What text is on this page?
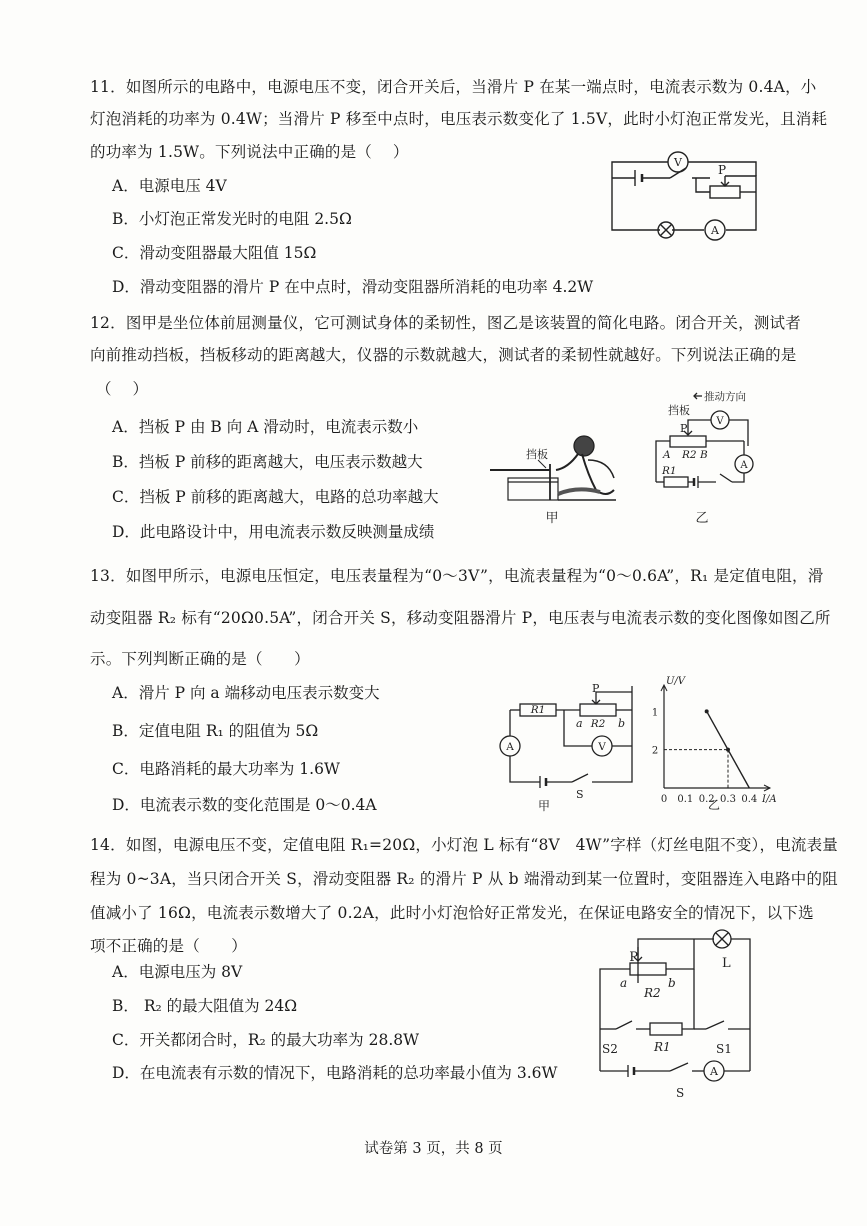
11．如图所示的电路中，电源电压不变，闭合开关后，当滑片 P 在某一端点时，电流表示数为 0.4A，小
灯泡消耗的功率为 0.4W；当滑片 P 移至中点时，电压表示数变化了 1.5V，此时小灯泡正常发光，且消耗
的功率为 1.5W。下列说法中正确的是（　 ）
A．电源电压 4V
B．小灯泡正常发光时的电阻 2.5Ω
C．滑动变阻器最大阻值 15Ω
D．滑动变阻器的滑片 P 在中点时，滑动变阻器所消耗的电功率 4.2W
V
P
A
12．图甲是坐位体前屈测量仪，它可测试身体的柔韧性，图乙是该装置的简化电路。闭合开关，测试者
向前推动挡板，挡板移动的距离越大，仪器的示数就越大，测试者的柔韧性就越好。下列说法正确的是
（　 ）
A．挡板 P 由 B 向 A 滑动时，电流表示数小
B．挡板 P 前移的距离越大，电压表示数越大
C．挡板 P 前移的距离越大，电路的总功率越大
D．此电路设计中，用电流表示数反映测量成绩
挡板
甲
推动方向
挡板
V
P
A
A R2 B
R1
乙
13．如图甲所示，电源电压恒定，电压表量程为“0～3V”，电流表量程为“0～0.6A”，R₁ 是定值电阻，滑
动变阻器 R₂ 标有“20Ω0.5A”，闭合开关 S，移动变阻器滑片 P，电压表与电流表示数的变化图像如图乙所
示。下列判断正确的是（　　）
A．滑片 P 向 a 端移动电压表示数变大
B．定值电阻 R₁ 的阻值为 5Ω
C．电路消耗的最大功率为 1.6W
D．电流表示数的变化范围是 0～0.4A
R1
P
a R2 b
A	V
S
甲	乙
U/V
I/A
2
1
0 0.1 0.2 0.3 0.4
14．如图，电源电压不变，定值电阻 R₁=20Ω，小灯泡 L 标有“8V　4W”字样（灯丝电阻不变），电流表量
程为 0~3A，当只闭合开关 S，滑动变阻器 R₂ 的滑片 P 从 b 端滑动到某一位置时，变阻器连入电路中的阻
值减小了 16Ω，电流表示数增大了 0.2A，此时小灯泡恰好正常发光，在保证电路安全的情况下，以下选
项不正确的是（　　）
A．电源电压为 8V
B． R₂ 的最大阻值为 24Ω
C．开关都闭合时，R₂ 的最大功率为 28.8W
D．在电流表有示数的情况下，电路消耗的总功率最小值为 3.6W
P
a
R2
b
L
S2	R1	S1
S
A
试卷第 3 页，共 8 页
